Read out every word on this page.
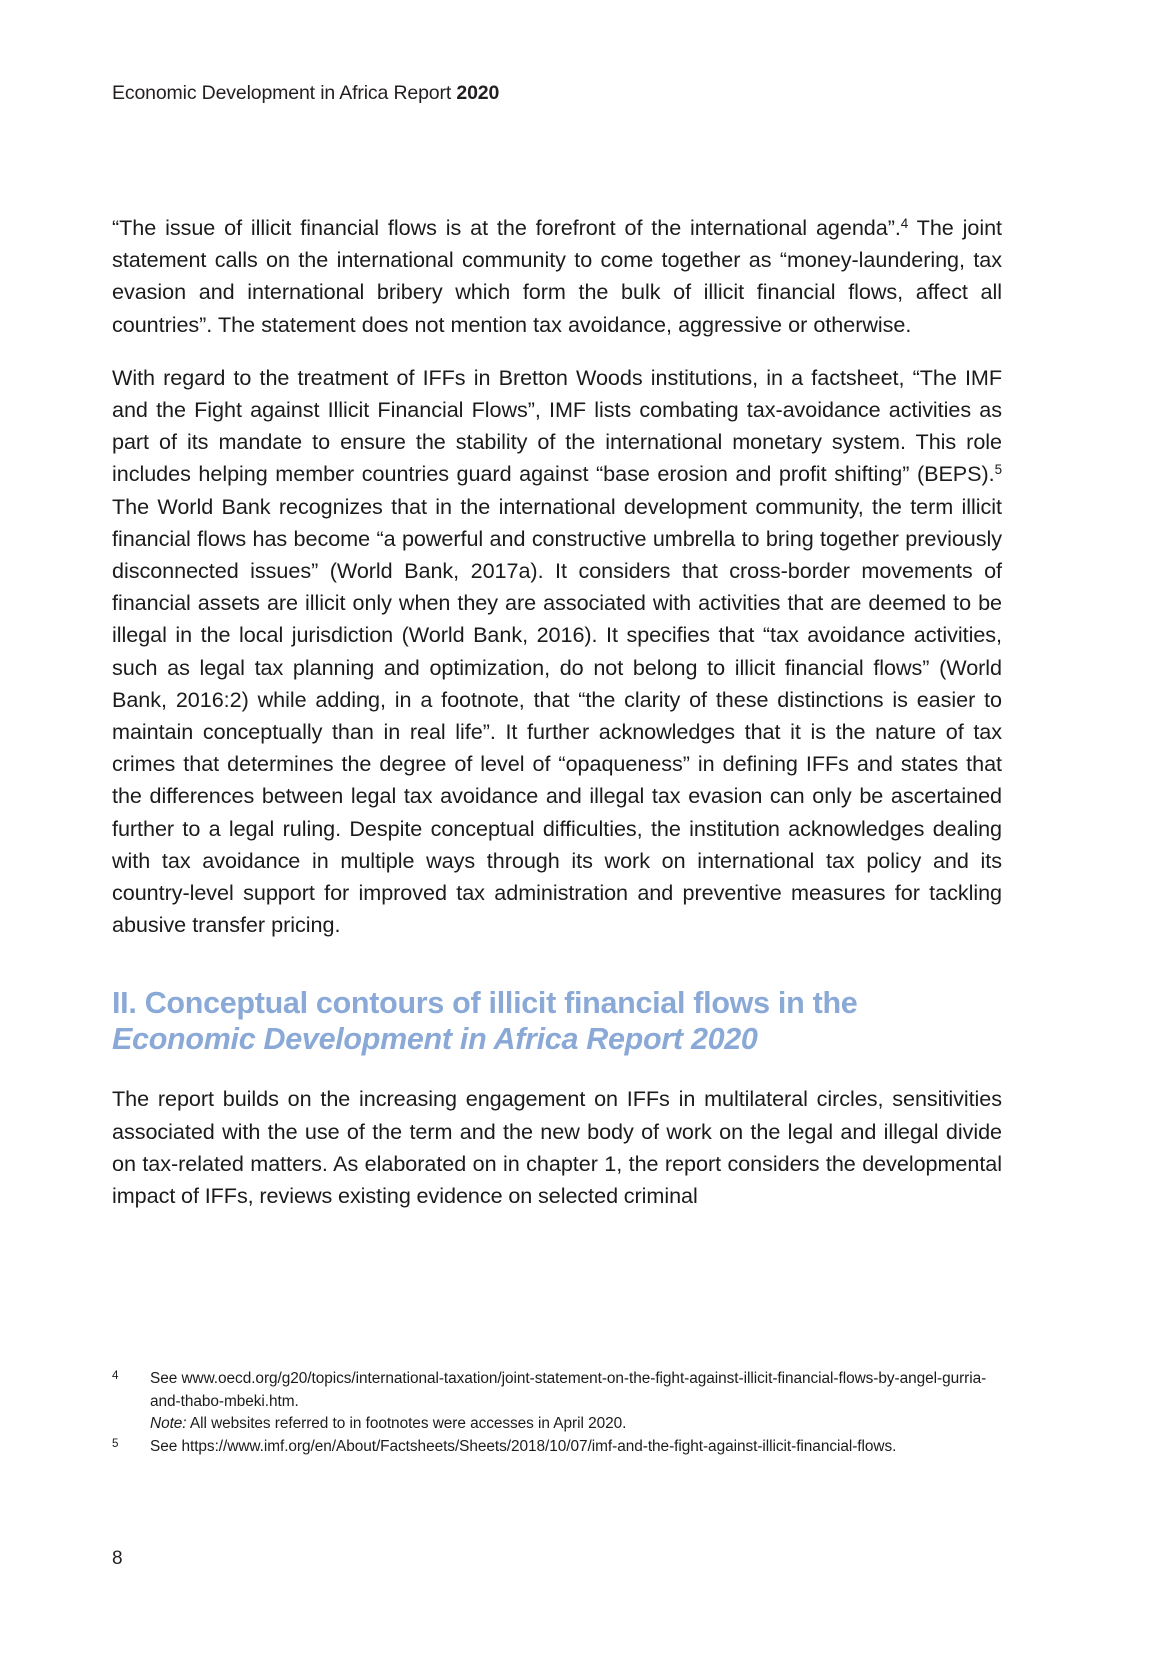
Economic Development in Africa Report 2020

“The issue of illicit financial flows is at the forefront of the international agenda”.$^4$ The joint statement calls on the international community to come together as “money-laundering, tax evasion and international bribery which form the bulk of illicit financial flows, affect all countries”. The statement does not mention tax avoidance, aggressive or otherwise.

With regard to the treatment of IFFs in Bretton Woods institutions, in a factsheet, “The IMF and the Fight against Illicit Financial Flows”, IMF lists combating tax-avoidance activities as part of its mandate to ensure the stability of the international monetary system. This role includes helping member countries guard against “base erosion and profit shifting” (BEPS).$^5$ The World Bank recognizes that in the international development community, the term illicit financial flows has become “a powerful and constructive umbrella to bring together previously disconnected issues” (World Bank, 2017a). It considers that cross-border movements of financial assets are illicit only when they are associated with activities that are deemed to be illegal in the local jurisdiction (World Bank, 2016). It specifies that “tax avoidance activities, such as legal tax planning and optimization, do not belong to illicit financial flows” (World Bank, 2016:2) while adding, in a footnote, that “the clarity of these distinctions is easier to maintain conceptually than in real life”. It further acknowledges that it is the nature of tax crimes that determines the degree of level of “opaqueness” in defining IFFs and states that the differences between legal tax avoidance and illegal tax evasion can only be ascertained further to a legal ruling. Despite conceptual difficulties, the institution acknowledges dealing with tax avoidance in multiple ways through its work on international tax policy and its country-level support for improved tax administration and preventive measures for tackling abusive transfer pricing.

II. Conceptual contours of illicit financial flows in the
Economic Development in Africa Report 2020

The report builds on the increasing engagement on IFFs in multilateral circles, sensitivities associated with the use of the term and the new body of work on the legal and illegal divide on tax-related matters. As elaborated on in chapter 1, the report considers the developmental impact of IFFs, reviews existing evidence on selected criminal

4 See www.oecd.org/g20/topics/international-taxation/joint-statement-on-the-fight-against-illicit-financial-flows-by-angel-gurria-and-thabo-mbeki.htm.
Note: All websites referred to in footnotes were accesses in April 2020.
5 See https://www.imf.org/en/About/Factsheets/Sheets/2018/10/07/imf-and-the-fight-against-illicit-financial-flows.
8
